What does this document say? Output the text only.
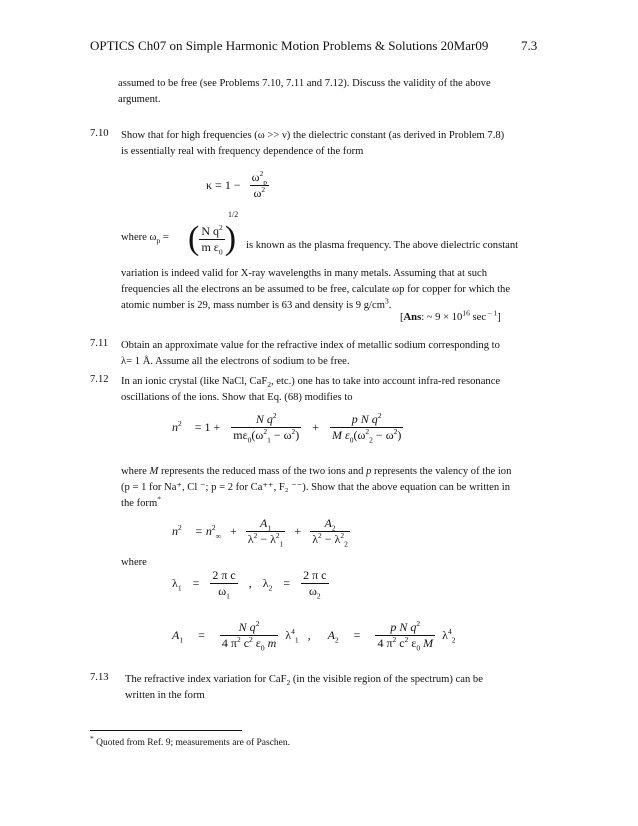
OPTICS Ch07 on Simple Harmonic Motion Problems & Solutions 20Mar09	7.3
assumed to be free (see Problems 7.10, 7.11 and 7.12). Discuss the validity of the above
argument.
7.10 Show that for high frequencies (ω >> ν) the dielectric constant (as derived in Problem 7.8)
is essentially real with frequency dependence of the form
$\kappa = 1 - \frac{\omega^2_p}{\omega^2}$
where $\omega_p$ = ( $\frac{N q^2}{m \varepsilon_0}$ )
1/2
is known as the plasma frequency. The above dielectric constant
variation is indeed valid for X-ray wavelengths in many metals. Assuming that at such
frequencies all the electrons an be assumed to be free, calculate ωp for copper for which the
atomic number is 29, mass number is 63 and density is 9 $g/cm^3$.
[Ans: ~ $9 \times 10^{16}$ sec $^{- 1}$]
7.11 Obtain an approximate value for the refractive index of metallic sodium corresponding to
λ= 1 Å. Assume all the electrons of sodium to be free.
7.12 In an ionic crystal (like NaCl, CaF$_2$, etc.) one has to take into account infra-red resonance
oscillations of the ions. Show that Eq. (68) modifies to
$n^2 = 1 + \frac{N q^2}{m\varepsilon_0(\omega^2_1 - \omega^2)} + \frac{p N q^2}{M \varepsilon_0(\omega^2_2 - \omega^2)}$
where M represents the reduced mass of the two ions and p represents the valency of the ion
(p = 1 for Na⁺, Cl ⁻; p = 2 for Ca⁺⁺, F₂ ⁻⁻). Show that the above equation can be written in
the form*
$n^2 = n^2_\infty + \frac{A_1}{\lambda^2 - \lambda^2_1} + \frac{A_2}{\lambda^2 - \lambda^2_2}$
where
$\lambda_1 = \frac{\text{2 π c}}{\omega_1}$ , $\lambda_2 = \frac{\text{2 π c}}{\omega_2}$
$A_1 = \frac{N q^2}{4 \pi^2 c^2 \varepsilon_0 m} \lambda^4_1$ , $A_2 = \frac{p N q^2}{4 \pi^2 c^2 \varepsilon_0 M} \lambda^4_2$
7.13 The refractive index variation for CaF$_2$ (in the visible region of the spectrum) can be
written in the form
* Quoted from Ref. 9; measurements are of Paschen.
